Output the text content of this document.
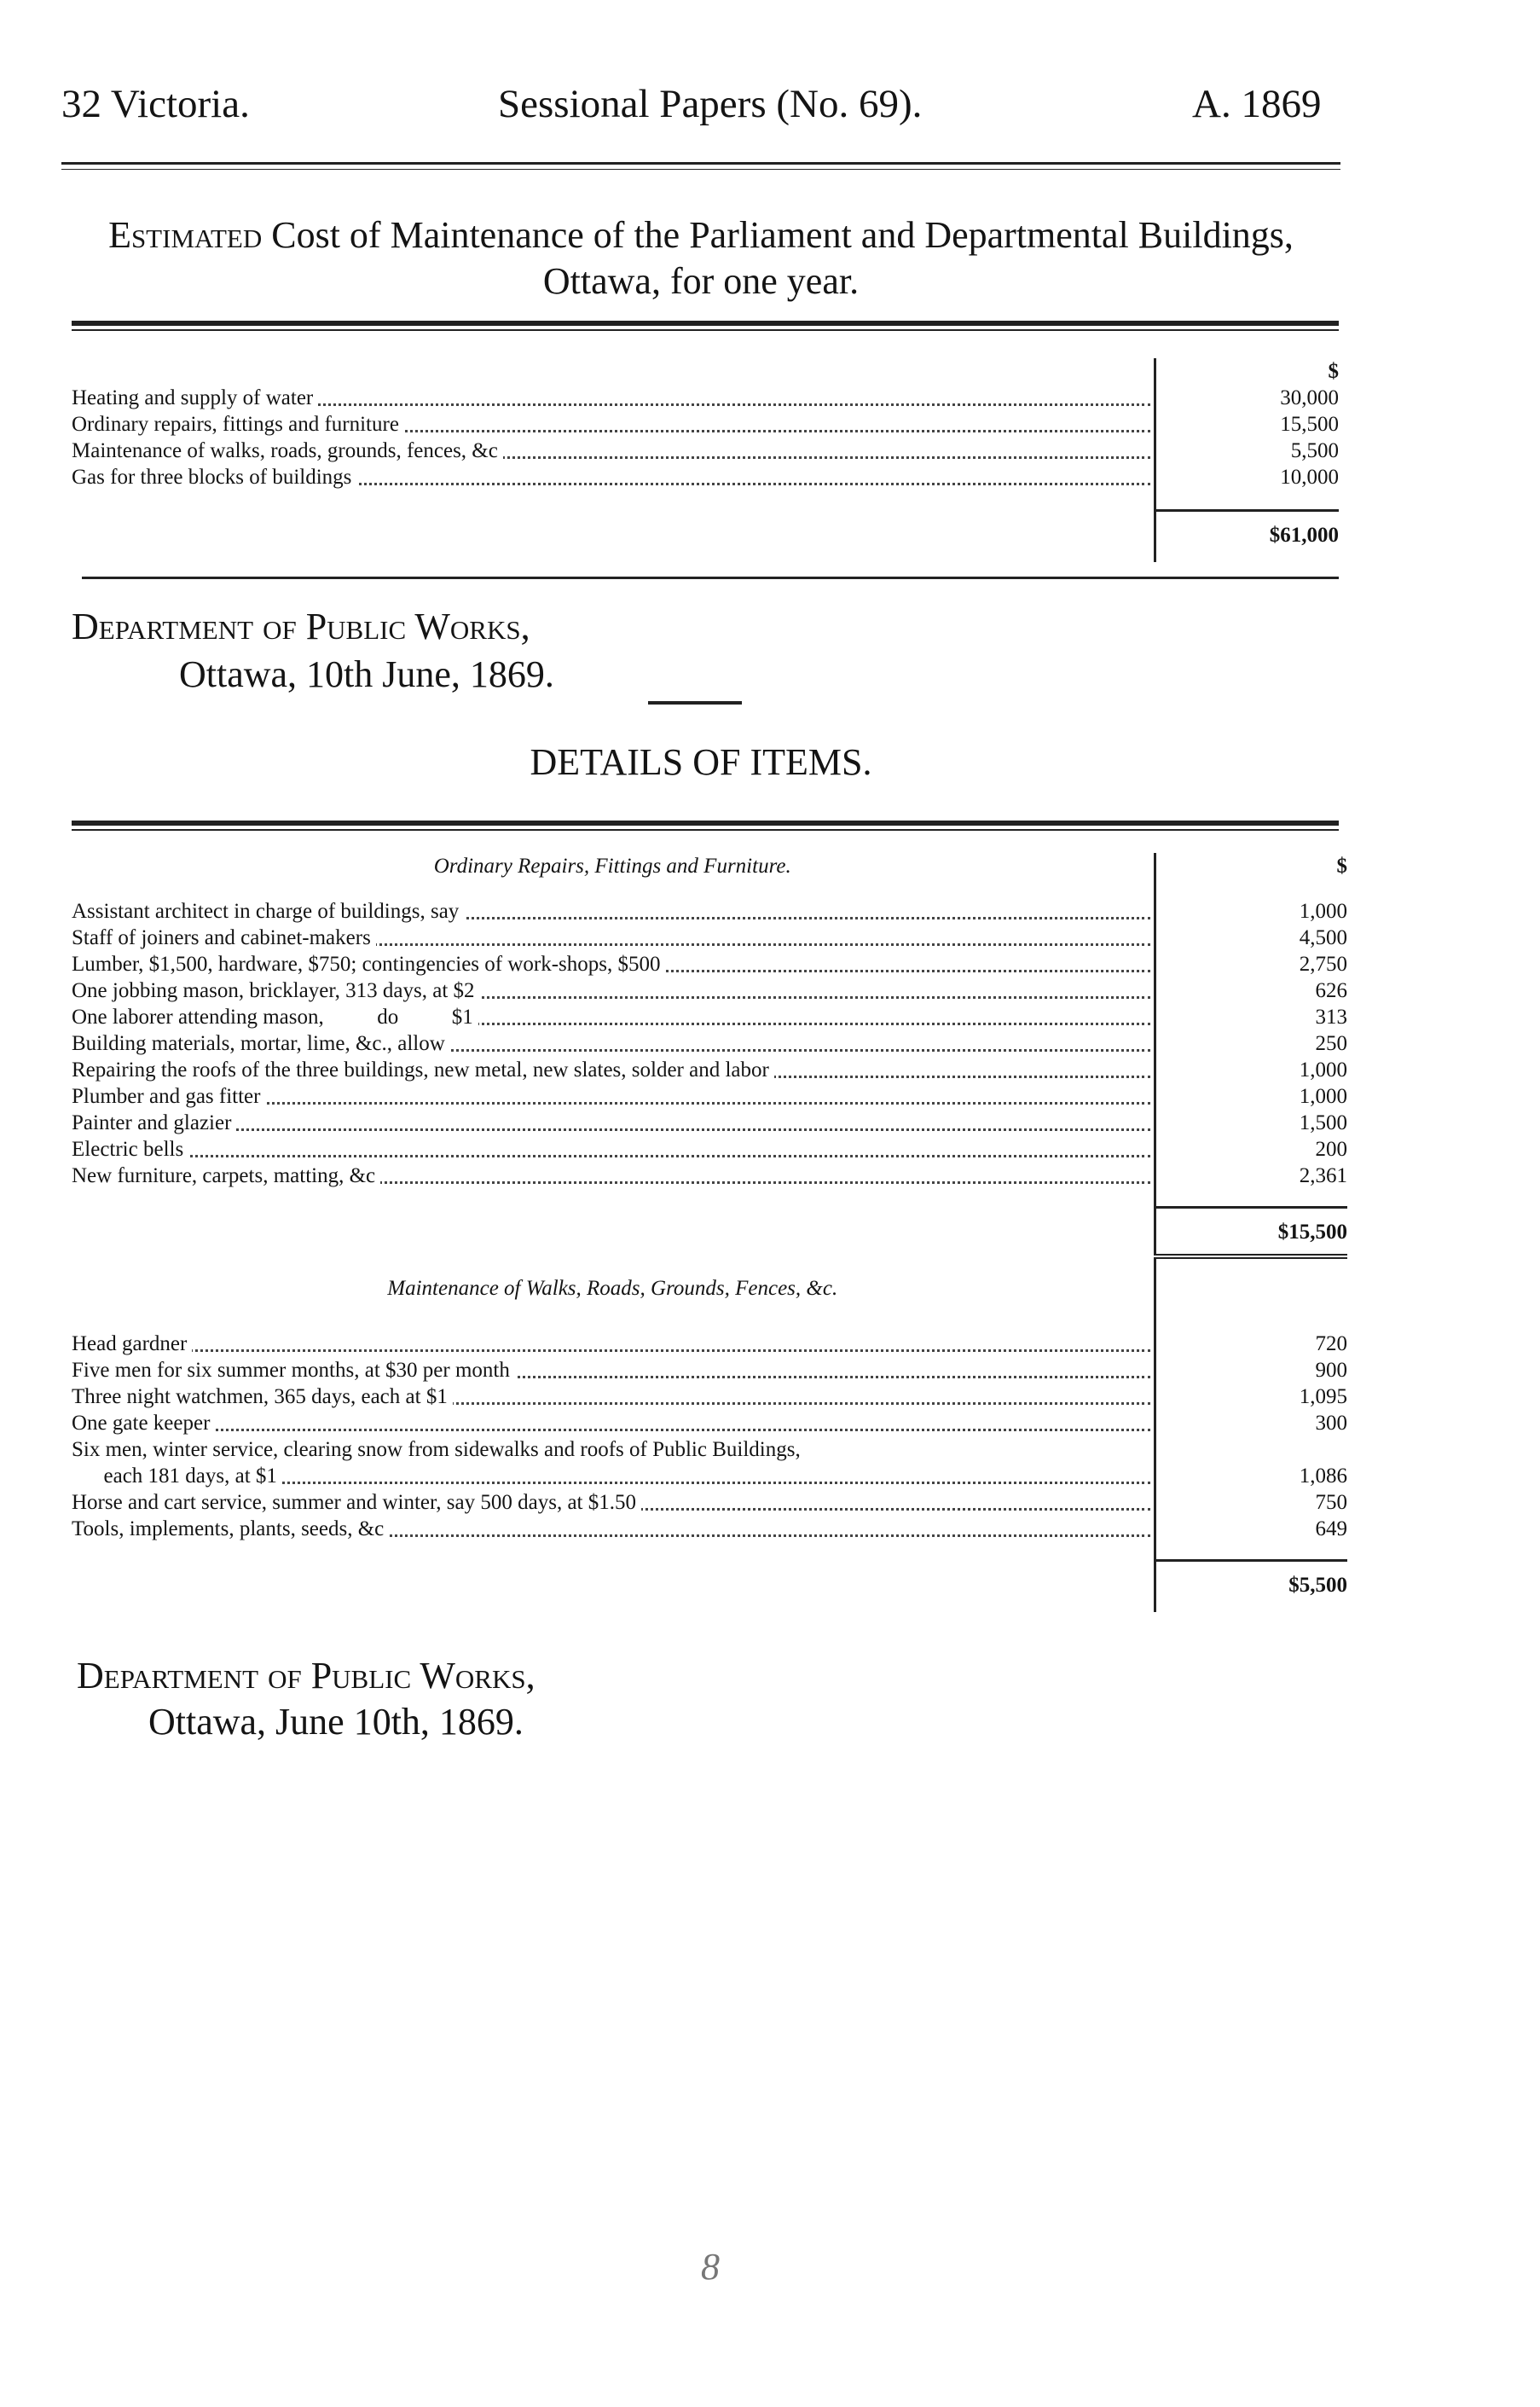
32 Victoria.	Sessional Papers (No. 69).	A. 1869
Estimated Cost of Maintenance of the Parliament and Departmental Buildings,
Ottawa, for one year.
	$
Heating and supply of water	30,000
Ordinary repairs, fittings and furniture	15,500
Maintenance of walks, roads, grounds, fences, &c	5,500
Gas for three blocks of buildings	10,000

	$61,000
Department of Public Works,
Ottawa, 10th June, 1869.
DETAILS OF ITEMS.
Ordinary Repairs, Fittings and Furniture.	$
Assistant architect in charge of buildings, say	1,000
Staff of joiners and cabinet-makers	4,500
Lumber, $1,500, hardware, $750; contingencies of work-shops, $500	2,750
One jobbing mason, bricklayer, 313 days, at $2	626
One laborer attending mason,          do          $1	313
Building materials, mortar, lime, &c., allow	250
Repairing the roofs of the three buildings, new metal, new slates, solder and labor	1,000
Plumber and gas fitter	1,000
Painter and glazier	1,500
Electric bells	200
New furniture, carpets, matting, &c	2,361

	$15,500
Maintenance of Walks, Roads, Grounds, Fences, &c.	
Head gardner	720
Five men for six summer months, at $30 per month	900
Three night watchmen, 365 days, each at $1	1,095
One gate keeper	300
Six men, winter service, clearing snow from sidewalks and roofs of Public Buildings,	
each 181 days, at $1	1,086
Horse and cart service, summer and winter, say 500 days, at $1.50	750
Tools, implements, plants, seeds, &c	649

	$5,500
Department of Public Works,
Ottawa, June 10th, 1869.
8
